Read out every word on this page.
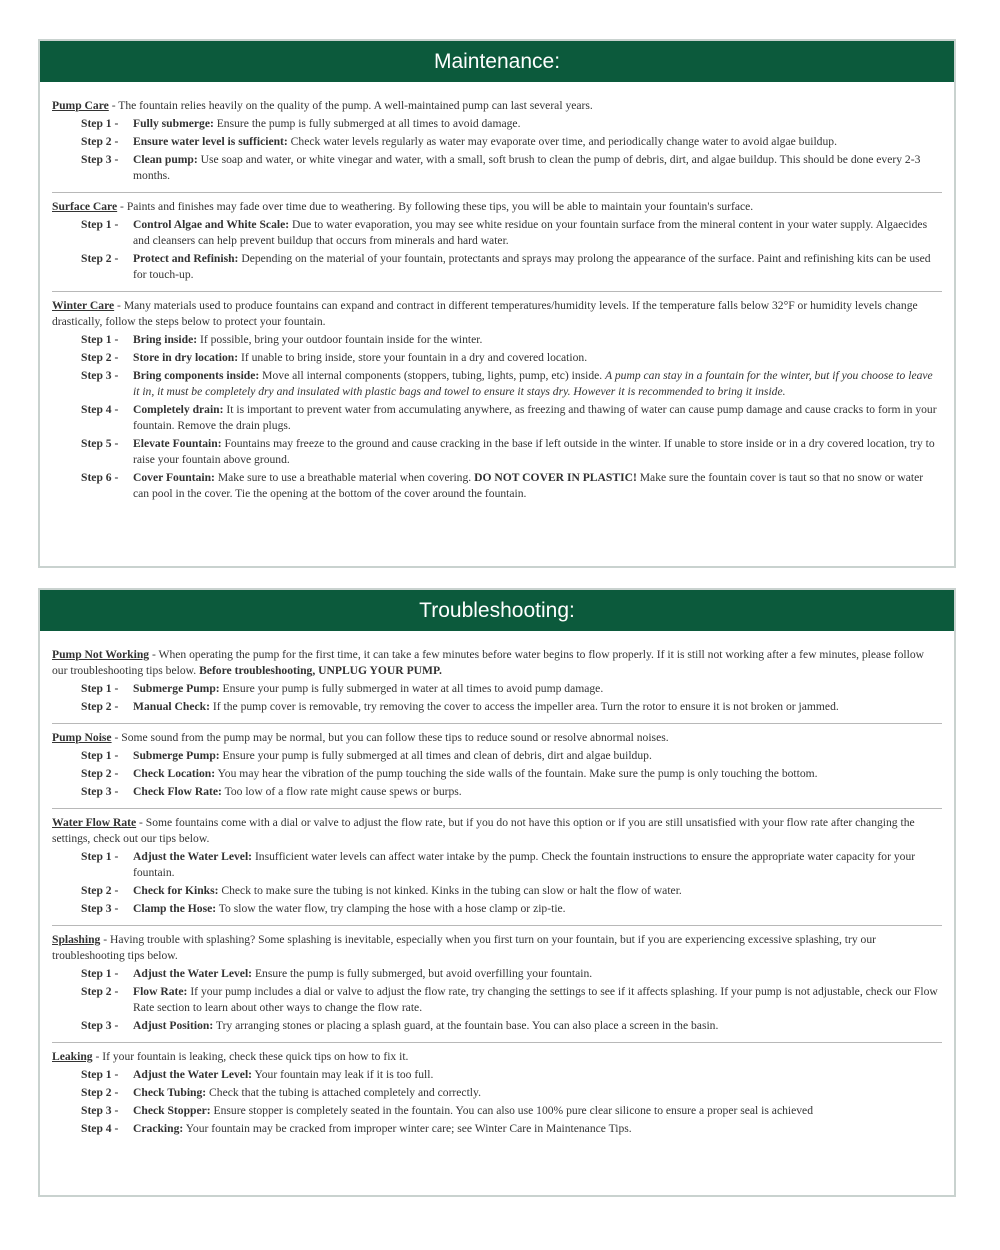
Maintenance:
Pump Care - The fountain relies heavily on the quality of the pump. A well-maintained pump can last several years.
Step 1 -	Fully submerge: Ensure the pump is fully submerged at all times to avoid damage.
Step 2 -	Ensure water level is sufficient: Check water levels regularly as water may evaporate over time, and periodically change water to avoid algae buildup.
Step 3 -	Clean pump: Use soap and water, or white vinegar and water, with a small, soft brush to clean the pump of debris, dirt, and algae buildup. This should be done every 2-3 months.
Surface Care - Paints and finishes may fade over time due to weathering. By following these tips, you will be able to maintain your fountain's surface.
Step 1 -	Control Algae and White Scale: Due to water evaporation, you may see white residue on your fountain surface from the mineral content in your water supply. Algaecides and cleansers can help prevent buildup that occurs from minerals and hard water.
Step 2 -	Protect and Refinish: Depending on the material of your fountain, protectants and sprays may prolong the appearance of the surface. Paint and refinishing kits can be used for touch-up.
Winter Care - Many materials used to produce fountains can expand and contract in different temperatures/humidity levels. If the temperature falls below 32°F or humidity levels change drastically, follow the steps below to protect your fountain.
Step 1 -	Bring inside: If possible, bring your outdoor fountain inside for the winter.
Step 2 -	Store in dry location: If unable to bring inside, store your fountain in a dry and covered location.
Step 3 -	Bring components inside: Move all internal components (stoppers, tubing, lights, pump, etc) inside. A pump can stay in a fountain for the winter, but if you choose to leave it in, it must be completely dry and insulated with plastic bags and towel to ensure it stays dry. However it is recommended to bring it inside.
Step 4 -	Completely drain: It is important to prevent water from accumulating anywhere, as freezing and thawing of water can cause pump damage and cause cracks to form in your fountain. Remove the drain plugs.
Step 5 -	Elevate Fountain: Fountains may freeze to the ground and cause cracking in the base if left outside in the winter. If unable to store inside or in a dry covered location, try to raise your fountain above ground.
Step 6 -	Cover Fountain: Make sure to use a breathable material when covering. DO NOT COVER IN PLASTIC! Make sure the fountain cover is taut so that no snow or water can pool in the cover. Tie the opening at the bottom of the cover around the fountain.
Troubleshooting:
Pump Not Working - When operating the pump for the first time, it can take a few minutes before water begins to flow properly. If it is still not working after a few minutes, please follow our troubleshooting tips below. Before troubleshooting, UNPLUG YOUR PUMP.
Step 1 -	Submerge Pump: Ensure your pump is fully submerged in water at all times to avoid pump damage.
Step 2 -	Manual Check: If the pump cover is removable, try removing the cover to access the impeller area. Turn the rotor to ensure it is not broken or jammed.
Pump Noise - Some sound from the pump may be normal, but you can follow these tips to reduce sound or resolve abnormal noises.
Step 1 -	Submerge Pump: Ensure your pump is fully submerged at all times and clean of debris, dirt and algae buildup.
Step 2 -	Check Location: You may hear the vibration of the pump touching the side walls of the fountain. Make sure the pump is only touching the bottom.
Step 3 -	Check Flow Rate: Too low of a flow rate might cause spews or burps.
Water Flow Rate - Some fountains come with a dial or valve to adjust the flow rate, but if you do not have this option or if you are still unsatisfied with your flow rate after changing the settings, check out our tips below.
Step 1 -	Adjust the Water Level: Insufficient water levels can affect water intake by the pump. Check the fountain instructions to ensure the appropriate water capacity for your fountain.
Step 2 -	Check for Kinks: Check to make sure the tubing is not kinked. Kinks in the tubing can slow or halt the flow of water.
Step 3 -	Clamp the Hose: To slow the water flow, try clamping the hose with a hose clamp or zip-tie.
Splashing - Having trouble with splashing? Some splashing is inevitable, especially when you first turn on your fountain, but if you are experiencing excessive splashing, try our troubleshooting tips below.
Step 1 -	Adjust the Water Level: Ensure the pump is fully submerged, but avoid overfilling your fountain.
Step 2 -	Flow Rate: If your pump includes a dial or valve to adjust the flow rate, try changing the settings to see if it affects splashing. If your pump is not adjustable, check our Flow Rate section to learn about other ways to change the flow rate.
Step 3 -	Adjust Position: Try arranging stones or placing a splash guard, at the fountain base. You can also place a screen in the basin.
Leaking - If your fountain is leaking, check these quick tips on how to fix it.
Step 1 -	Adjust the Water Level: Your fountain may leak if it is too full.
Step 2 -	Check Tubing: Check that the tubing is attached completely and correctly.
Step 3 -	Check Stopper: Ensure stopper is completely seated in the fountain. You can also use 100% pure clear silicone to ensure a proper seal is achieved
Step 4 -	Cracking: Your fountain may be cracked from improper winter care; see Winter Care in Maintenance Tips.
